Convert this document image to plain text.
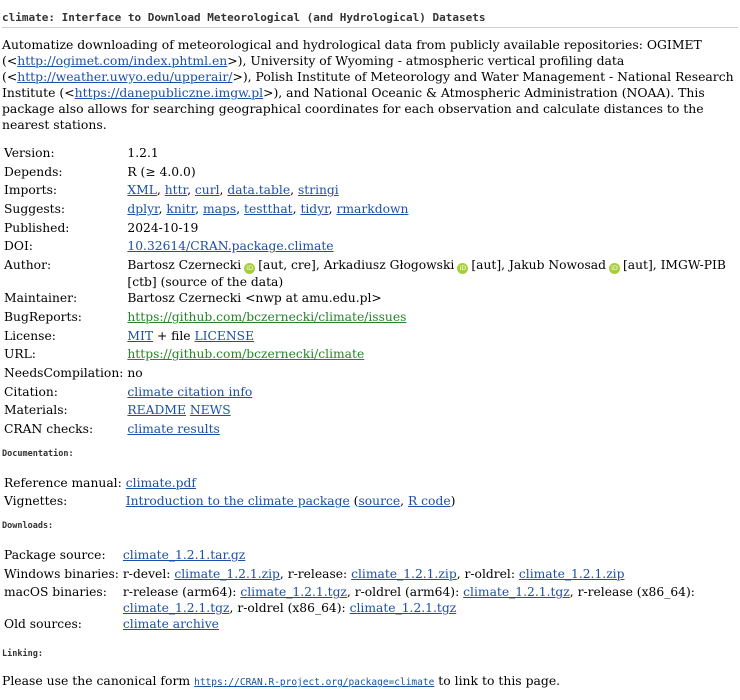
climate: Interface to Download Meteorological (and Hydrological) Datasets

Automatize downloading of meteorological and hydrological data from publicly available repositories: OGIMET (<http://ogimet.com/index.phtml.en>), University of Wyoming - atmospheric vertical profiling data (<http://weather.uwyo.edu/upperair/>), Polish Institute of Meteorology and Water Management - National Research Institute (<https://danepubliczne.imgw.pl>), and National Oceanic & Atmospheric Administration (NOAA). This package also allows for searching geographical coordinates for each observation and calculate distances to the nearest stations.

Version:	1.2.1
Depends:	R (≥ 4.0.0)
Imports:	XML, httr, curl, data.table, stringi
Suggests:	dplyr, knitr, maps, testthat, tidyr, rmarkdown
Published:	2024-10-19
DOI:	10.32614/CRAN.package.climate
Author:	Bartosz Czernecki iD [aut, cre], Arkadiusz Głogowski iD [aut], Jakub Nowosad iD [aut], IMGW-PIB [ctb] (source of the data)
Maintainer:	Bartosz Czernecki <nwp at amu.edu.pl>
BugReports:	https://github.com/bczernecki/climate/issues
License:	MIT + file LICENSE
URL:	https://github.com/bczernecki/climate
NeedsCompilation:	no
Citation:	climate citation info
Materials:	README NEWS
CRAN checks:	climate results
Documentation:
Reference manual:	climate.pdf
Vignettes:	Introduction to the climate package (source, R code)
Downloads:
Package source:	climate_1.2.1.tar.gz
Windows binaries:	r-devel: climate_1.2.1.zip, r-release: climate_1.2.1.zip, r-oldrel: climate_1.2.1.zip
macOS binaries:	r-release (arm64): climate_1.2.1.tgz, r-oldrel (arm64): climate_1.2.1.tgz, r-release (x86_64): climate_1.2.1.tgz, r-oldrel (x86_64): climate_1.2.1.tgz
Old sources:	climate archive
Linking:

Please use the canonical form https://CRAN.R-project.org/package=climate to link to this page.
